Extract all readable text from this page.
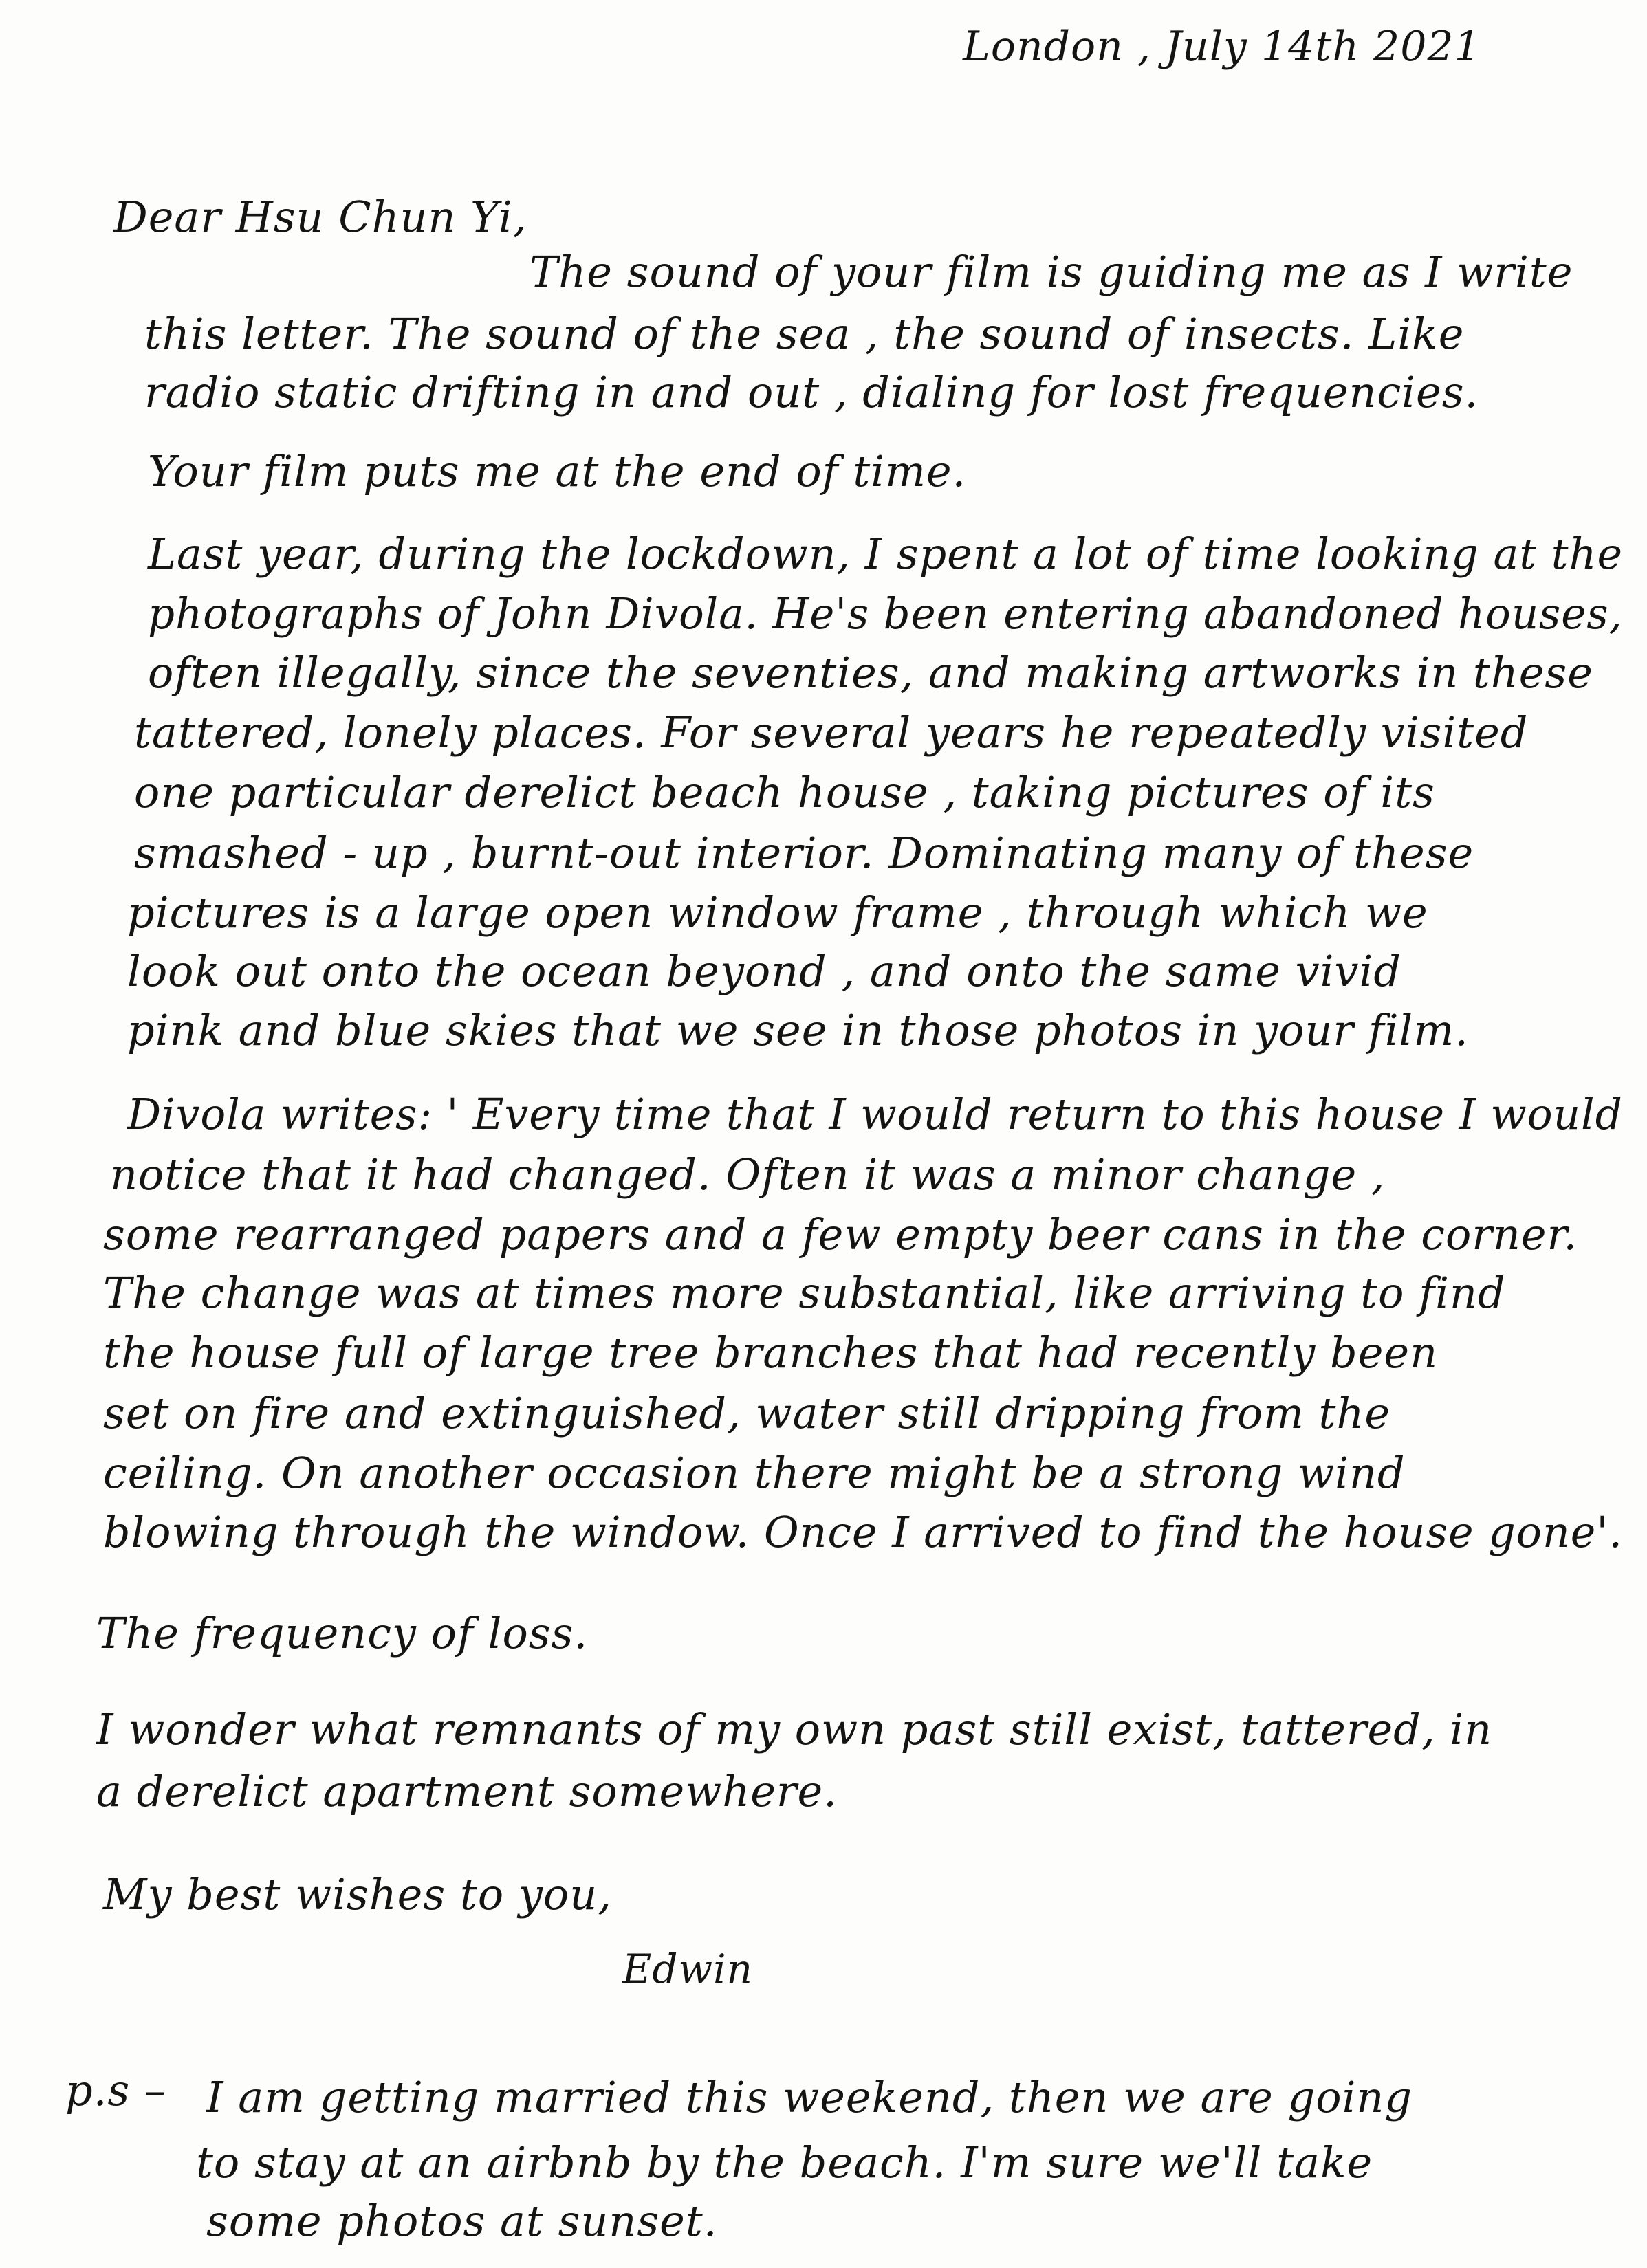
London , July 14th 2021
Dear Hsu Chun Yi,
The sound of your film is guiding me as I write
this letter. The sound of the sea , the sound of insects. Like
radio static drifting in and out , dialing for lost frequencies.
Your film puts me at the end of time.
Last year, during the lockdown, I spent a lot of time looking at the
photographs of John Divola. He's been entering abandoned houses,
often illegally, since the seventies, and making artworks in these
tattered, lonely places. For several years he repeatedly visited
one particular derelict beach house , taking pictures of its
smashed - up , burnt-out interior. Dominating many of these
pictures is a large open window frame , through which we
look out onto the ocean beyond , and onto the same vivid
pink and blue skies that we see in those photos in your film.
Divola writes: ' Every time that I would return to this house I would
notice that it had changed. Often it was a minor change ,
some rearranged papers and a few empty beer cans in the corner.
The change was at times more substantial, like arriving to find
the house full of large tree branches that had recently been
set on fire and extinguished, water still dripping from the
ceiling. On another occasion there might be a strong wind
blowing through the window. Once I arrived to find the house gone'.
The frequency of loss.
I wonder what remnants of my own past still exist, tattered, in
a derelict apartment somewhere.
My best wishes to you,
Edwin
p.s – I am getting married this weekend, then we are going
to stay at an airbnb by the beach. I'm sure we'll take
some photos at sunset.
